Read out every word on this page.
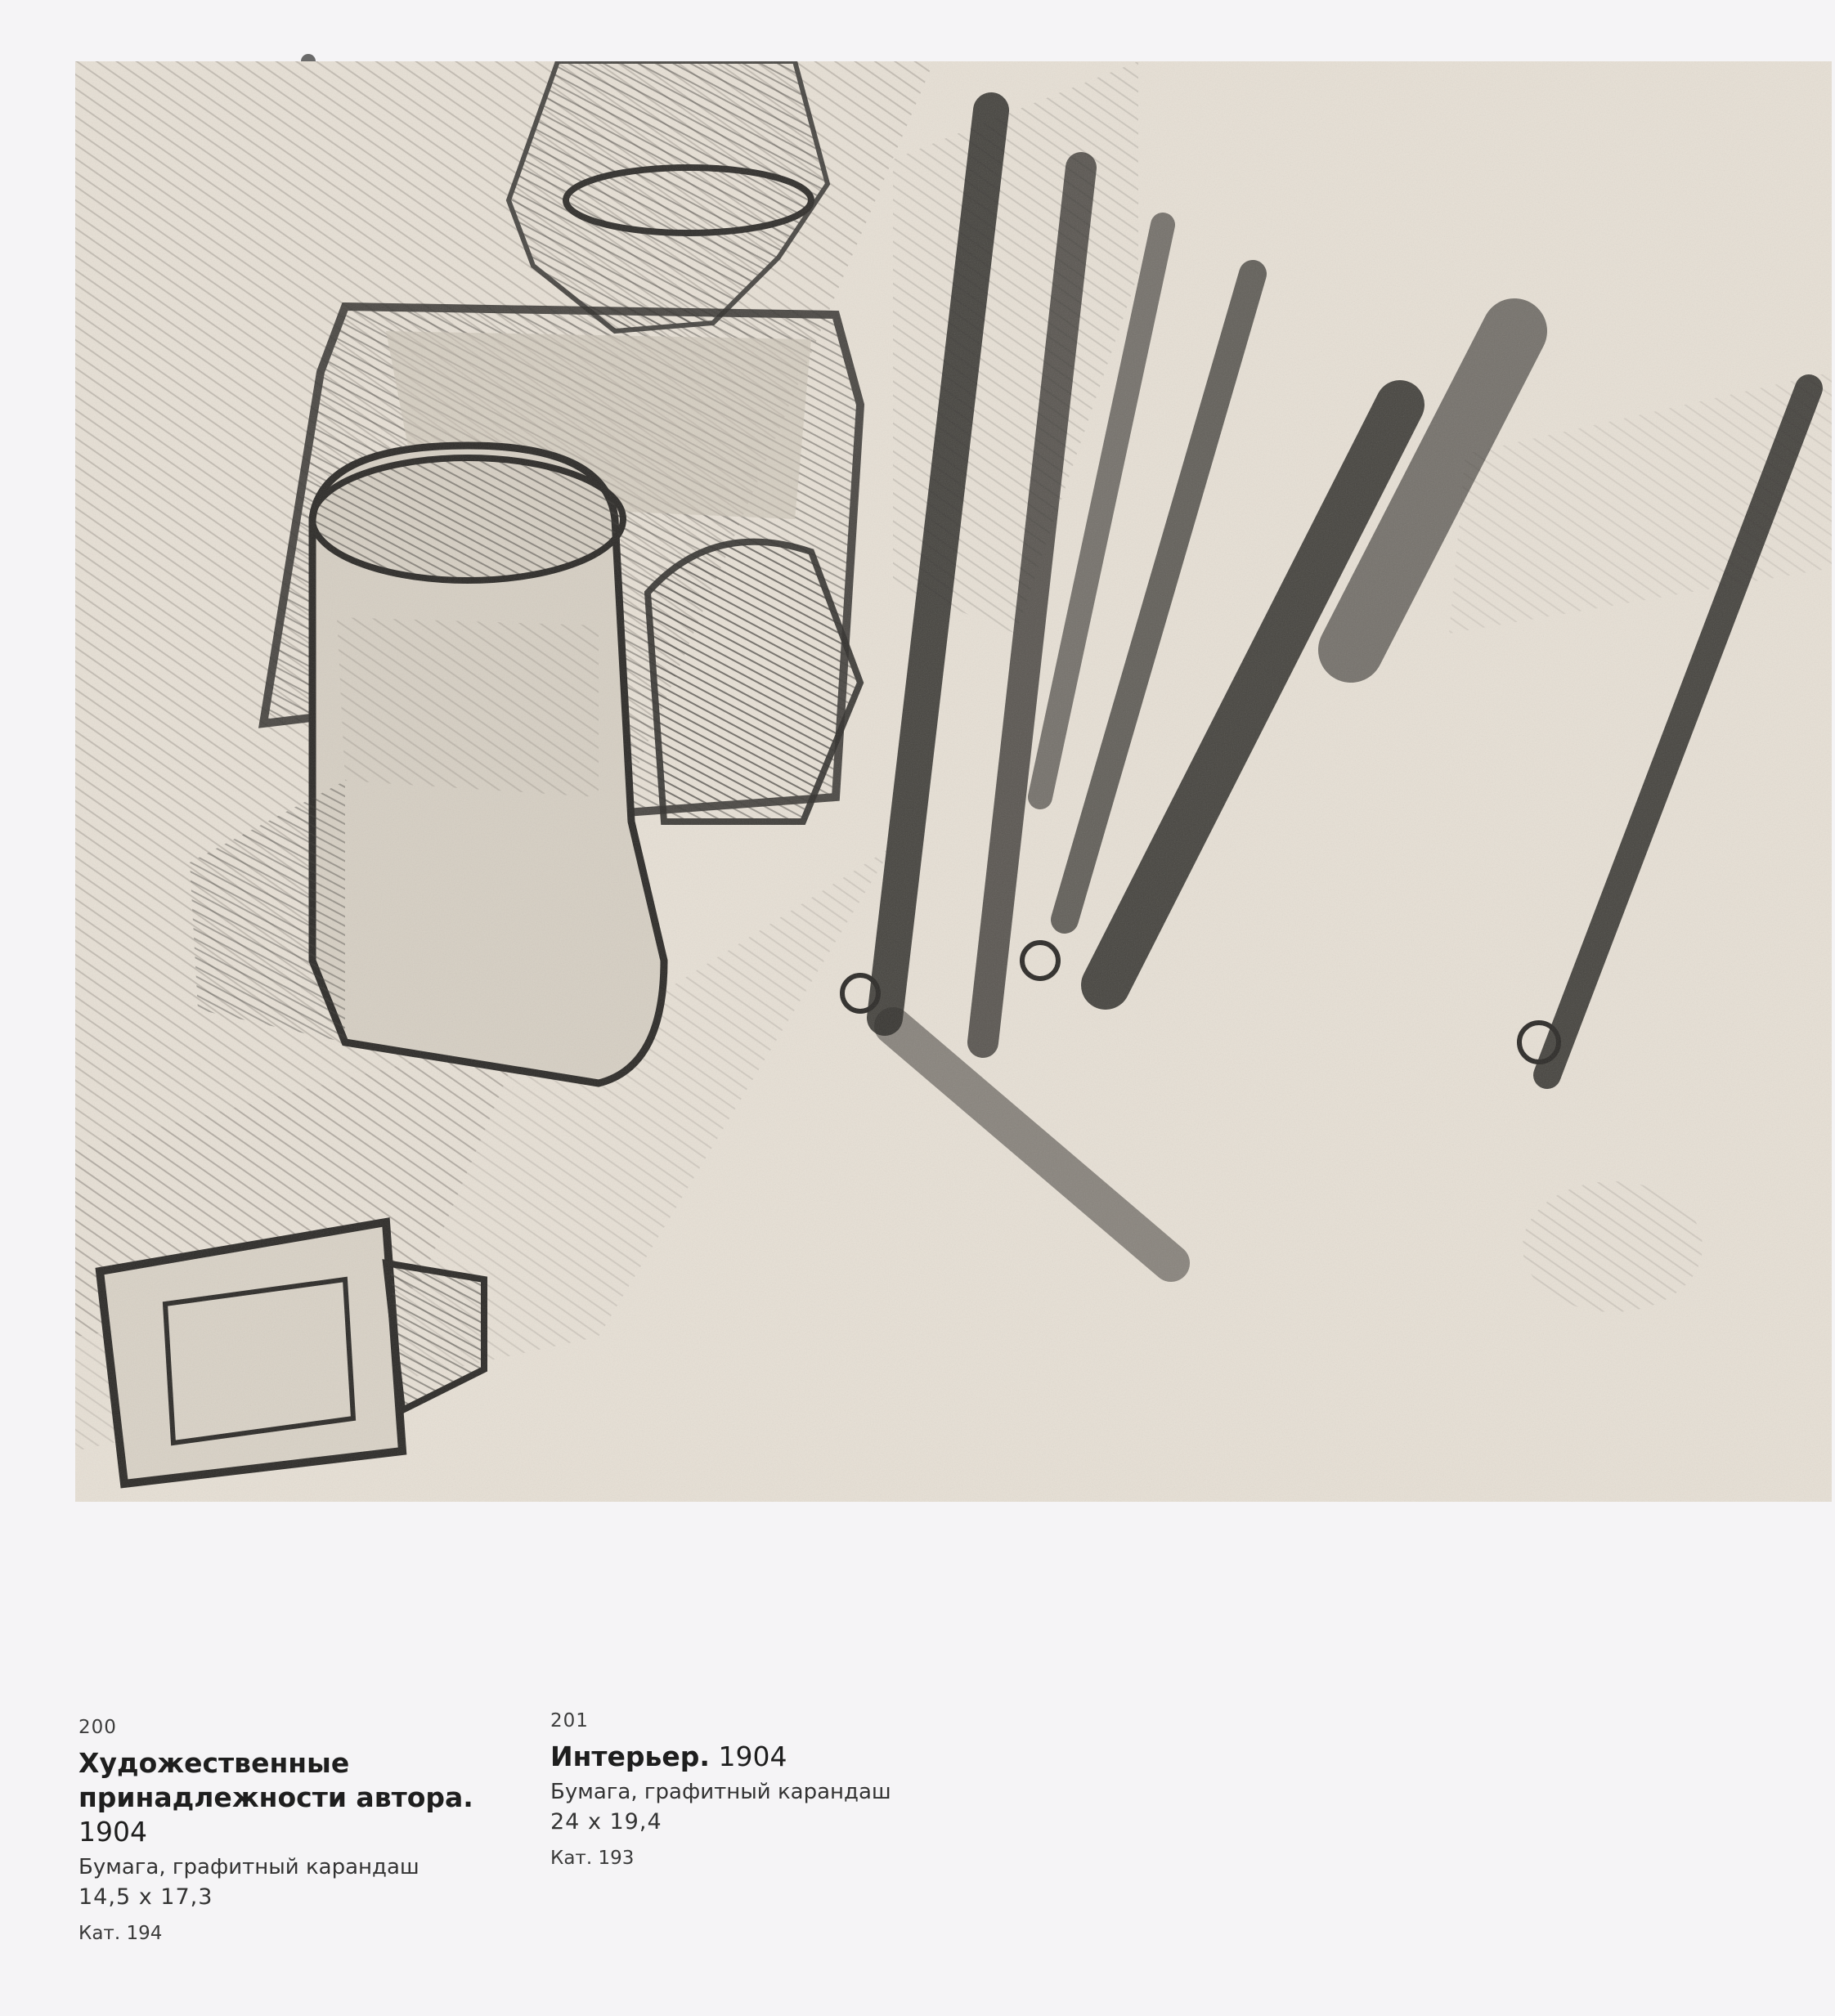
200
Художественные
принадлежности автора. 1904
Бумага, графитный карандаш
14,5 x 17,3
Кат. 194
201
Интерьер. 1904
Бумага, графитный карандаш
24 x 19,4
Кат. 193
